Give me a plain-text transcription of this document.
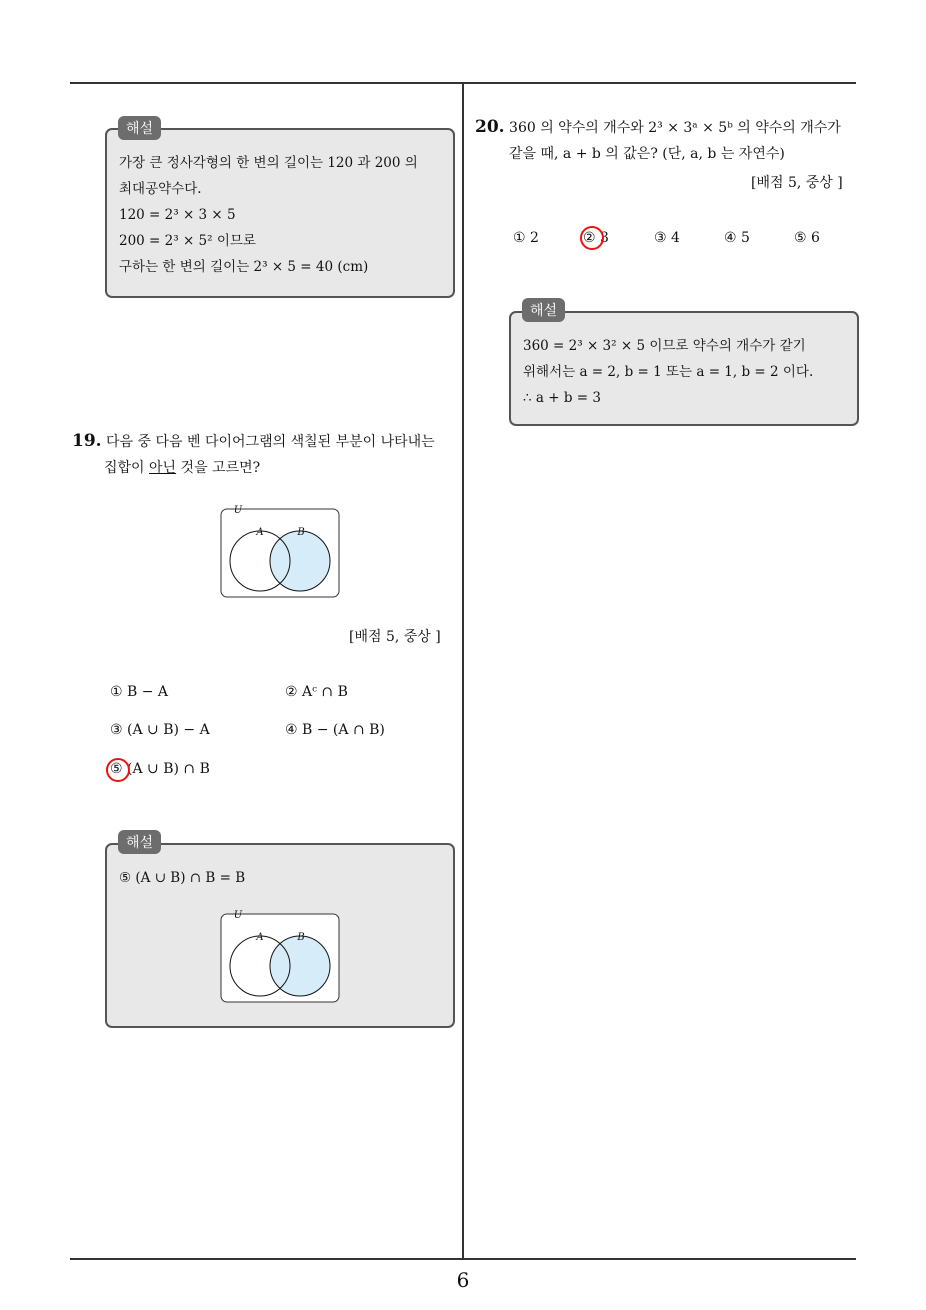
가장 큰 정사각형의 한 변의 길이는 120 과 200 의
최대공약수다.
120 = 2³ × 3 × 5
200 = 2³ × 5² 이므로
구하는 한 변의 길이는 2³ × 5 = 40 (cm)
해설
19. 다음 중 다음 벤 다이어그램의 색칠된 부분이 나타내는
집합이 아닌 것을 고르면?
U
A	B
[배점 5, 중상 ]
① B − A	② Aᶜ ∩ B
③ (A ∪ B) − A	④ B − (A ∩ B)
⑤ (A ∪ B) ∩ B
⑤ (A ∪ B) ∩ B = B
U
A	B
해설
20. 360 의 약수의 개수와 2³ × 3ᵃ × 5ᵇ 의 약수의 개수가
같을 때, a + b 의 값은? (단, a, b 는 자연수)
[배점 5, 중상 ]
① 2	② 3	③ 4	④ 5	⑤ 6
360 = 2³ × 3² × 5 이므로 약수의 개수가 같기
위해서는 a = 2, b = 1 또는 a = 1, b = 2 이다.
∴ a + b = 3
해설
6
